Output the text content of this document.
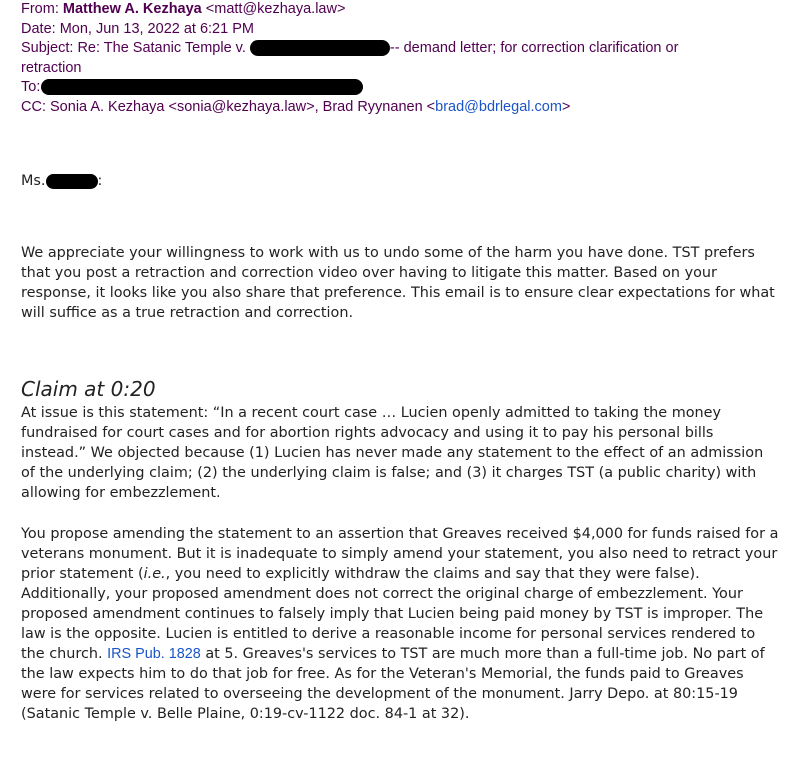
From: Matthew A. Kezhaya <matt@kezhaya.law>
Date: Mon, Jun 13, 2022 at 6:21 PM
Subject: Re: The Satanic Temple v.	-- demand letter; for correction clarification or
retraction
To:
CC: Sonia A. Kezhaya <sonia@kezhaya.law>, Brad Ryynanen <brad@bdrlegal.com>
Ms.	:

We appreciate your willingness to work with us to undo some of the harm you have done. TST prefers that you post a retraction and correction video over having to litigate this matter. Based on your response, it looks like you also share that preference. This email is to ensure clear expectations for what will suffice as a true retraction and correction.

Claim at 0:20

At issue is this statement: “In a recent court case … Lucien openly admitted to taking the money fundraised for court cases and for abortion rights advocacy and using it to pay his personal bills instead.” We objected because (1) Lucien has never made any statement to the effect of an admission of the underlying claim; (2) the underlying claim is false; and (3) it charges TST (a public charity) with allowing for embezzlement.

You propose amending the statement to an assertion that Greaves received $4,000 for funds raised for a veterans monument. But it is inadequate to simply amend your statement, you also need to retract your prior statement (i.e., you need to explicitly withdraw the claims and say that they were false). Additionally, your proposed amendment does not correct the original charge of embezzlement. Your proposed amendment continues to falsely imply that Lucien being paid money by TST is improper. The law is the opposite. Lucien is entitled to derive a reasonable income for personal services rendered to the church. IRS Pub. 1828 at 5. Greaves's services to TST are much more than a full-time job. No part of the law expects him to do that job for free. As for the Veteran's Memorial, the funds paid to Greaves were for services related to overseeing the development of the monument. Jarry Depo. at 80:15-19 (Satanic Temple v. Belle Plaine, 0:19-cv-1122 doc. 84-1 at 32).
